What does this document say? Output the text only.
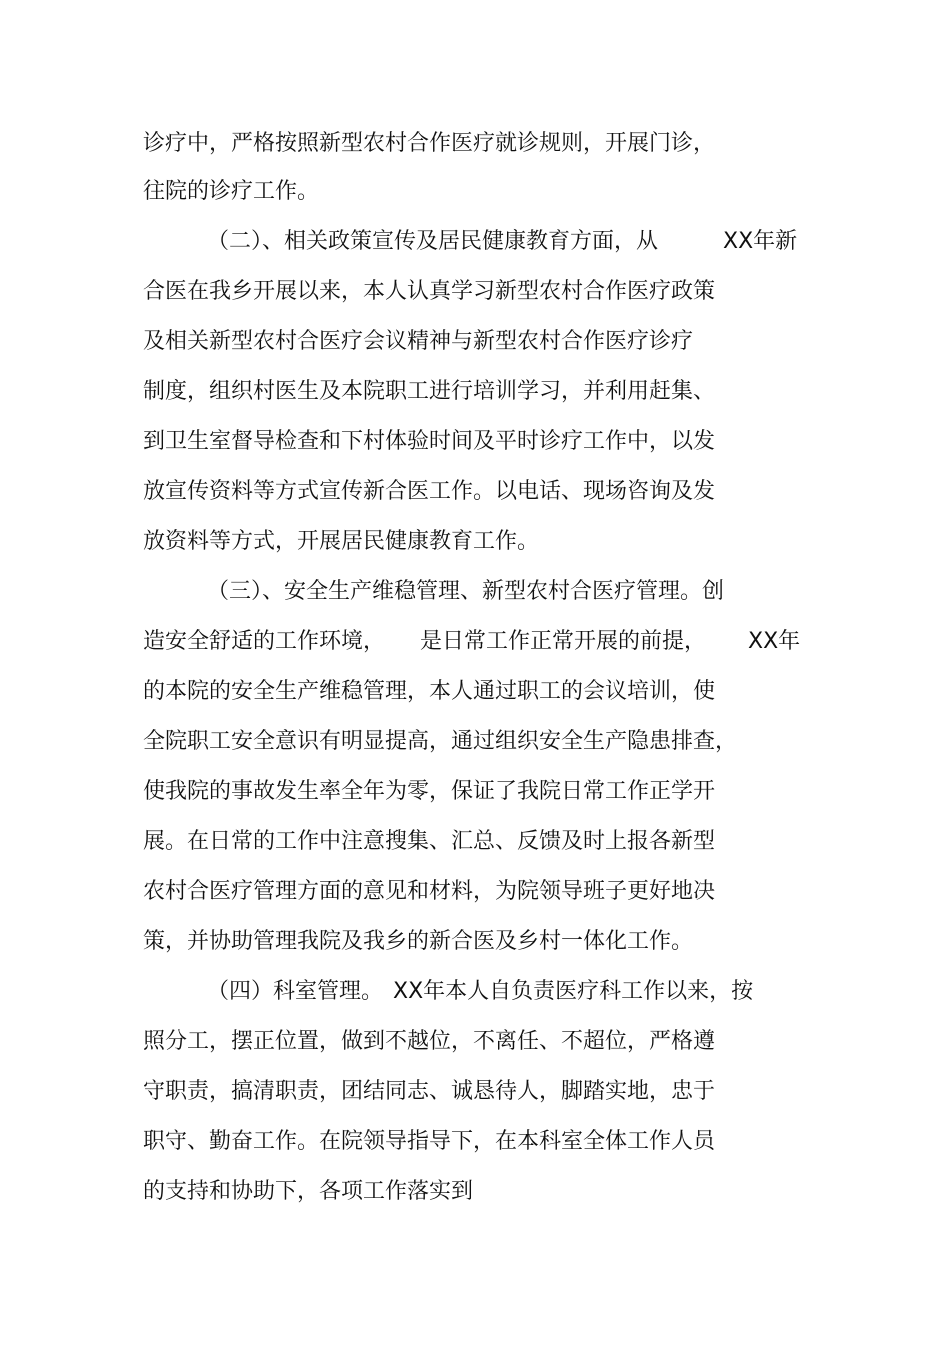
诊疗中，严格按照新型农村合作医疗就诊规则，开展门诊，
往院的诊疗工作。
（二）、相关政策宣传及居民健康教育方面，从	XX年新
合医在我乡开展以来，本人认真学习新型农村合作医疗政策
及相关新型农村合医疗会议精神与新型农村合作医疗诊疗
制度，组织村医生及本院职工进行培训学习，并利用赶集、
到卫生室督导检查和下村体验时间及平时诊疗工作中，以发
放宣传资料等方式宣传新合医工作。以电话、现场咨询及发
放资料等方式，开展居民健康教育工作。
（三）、安全生产维稳管理、新型农村合医疗管理。创
造安全舒适的工作环境， 是日常工作正常开展的前提， XX年
的本院的安全生产维稳管理，本人通过职工的会议培训，使
全院职工安全意识有明显提高，通过组织安全生产隐患排查，
使我院的事故发生率全年为零，保证了我院日常工作正学开
展。在日常的工作中注意搜集、汇总、反馈及时上报各新型
农村合医疗管理方面的意见和材料，为院领导班子更好地决
策，并协助管理我院及我乡的新合医及乡村一体化工作。
（四）科室管理。 XX年本人自负责医疗科工作以来，按
照分工，摆正位置，做到不越位，不离任、不超位，严格遵
守职责，搞清职责，团结同志、诚恳待人，脚踏实地，忠于
职守、勤奋工作。在院领导指导下，在本科室全体工作人员
的支持和协助下，各项工作落实到
